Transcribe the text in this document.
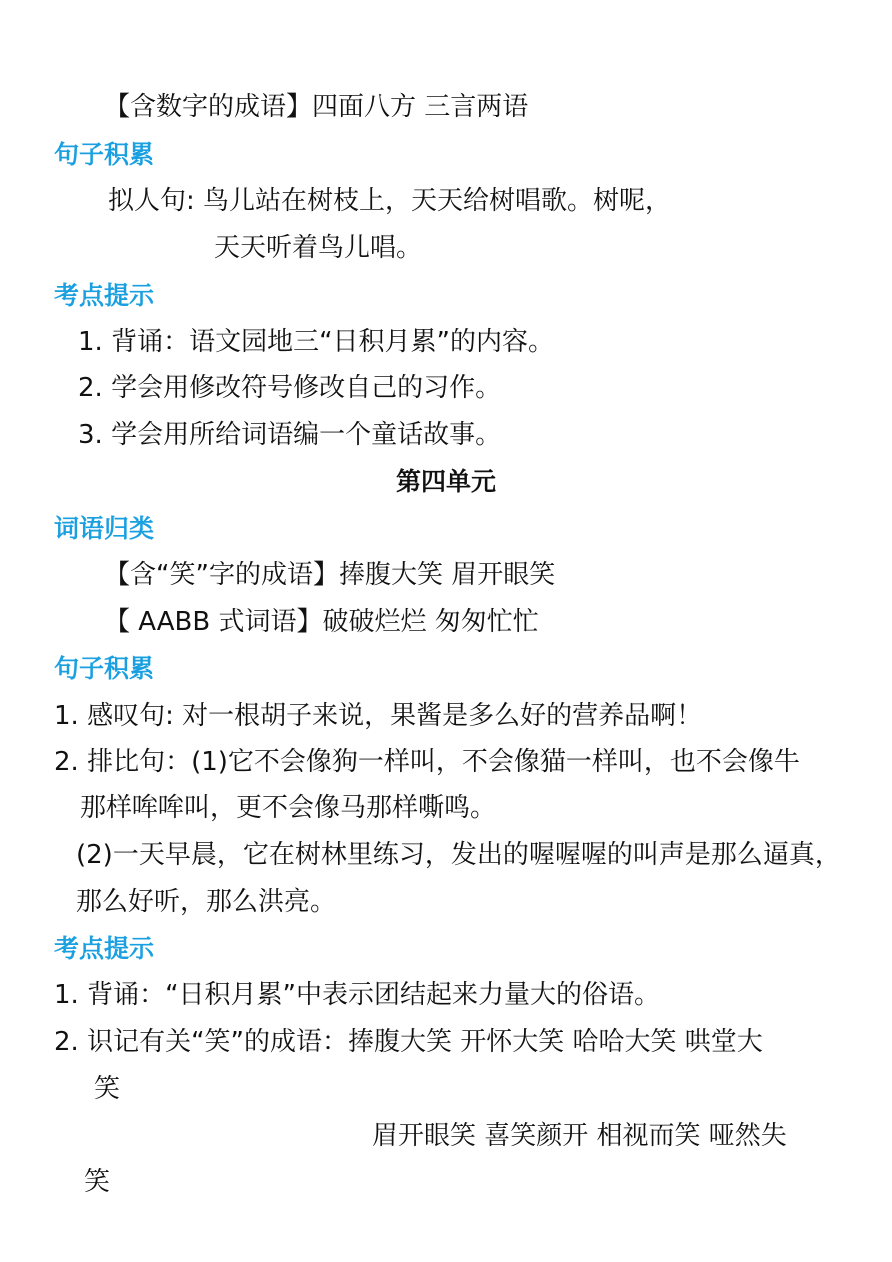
【含数字的成语】四面八方 三言两语
句子积累
拟人句: 鸟儿站在树枝上，天天给树唱歌。树呢，
天天听着鸟儿唱。
考点提示
1. 背诵：语文园地三“日积月累”的内容。
2. 学会用修改符号修改自己的习作。
3. 学会用所给词语编一个童话故事。
第四单元
词语归类
【含“笑”字的成语】捧腹大笑 眉开眼笑
【 AABB 式词语】破破烂烂 匆匆忙忙
句子积累
1. 感叹句: 对一根胡子来说，果酱是多么好的营养品啊！
2. 排比句：(1)它不会像狗一样叫，不会像猫一样叫，也不会像牛
那样哞哞叫，更不会像马那样嘶鸣。
(2)一天早晨，它在树林里练习，发出的喔喔喔的叫声是那么逼真，
那么好听，那么洪亮。
考点提示
1. 背诵：“日积月累”中表示团结起来力量大的俗语。
2. 识记有关“笑”的成语：捧腹大笑 开怀大笑 哈哈大笑 哄堂大
笑
眉开眼笑 喜笑颜开 相视而笑 哑然失
笑
